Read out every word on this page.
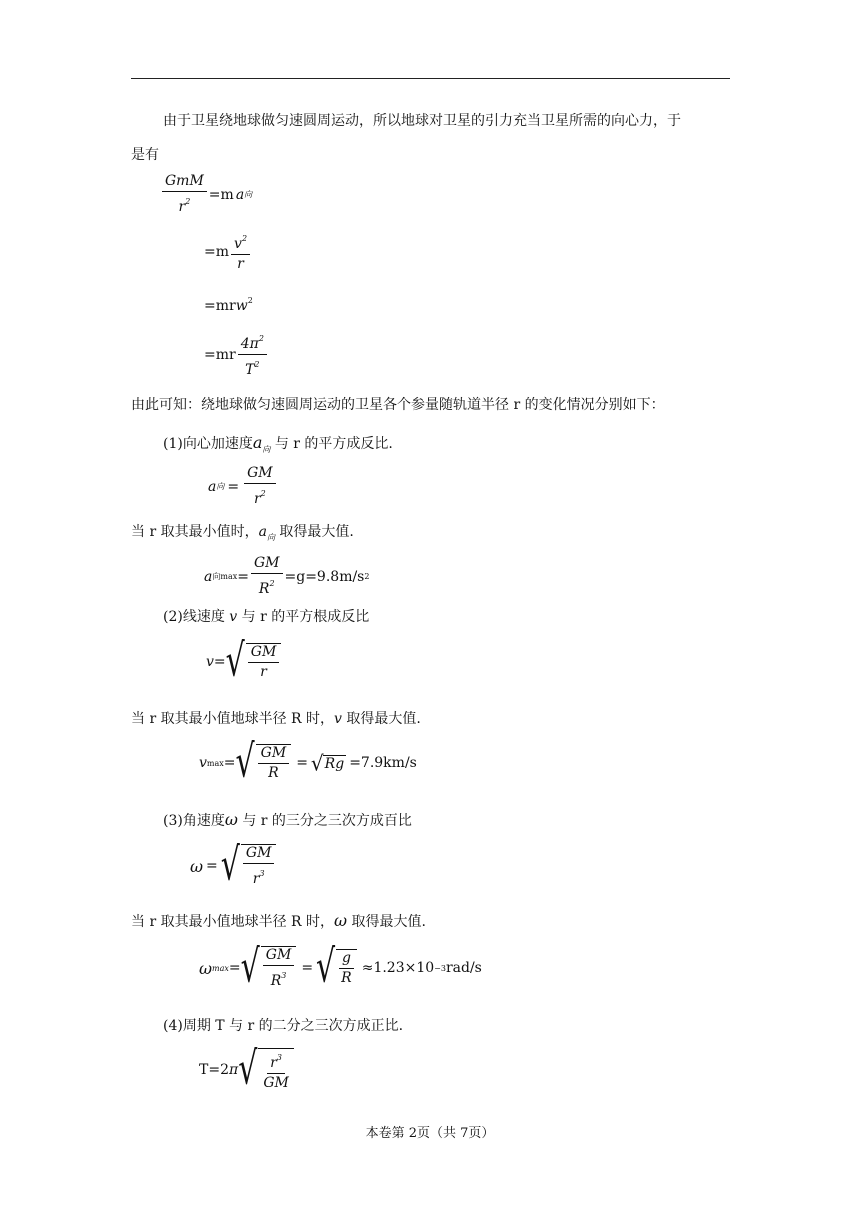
由于卫星绕地球做匀速圆周运动，所以地球对卫星的引力充当卫星所需的向心力，于
是有
$\frac{\text{GmM}}{r^2} =m$ a 向
$=m \frac{v^2}{r}$
=mrw$^2$
$=mr \frac{4\pi^2}{T^2}$
由此可知：绕地球做匀速圆周运动的卫星各个参量随轨道半径 r 的变化情况分别如下：
(1)向心加速度$a_向$ 与 r 的平方成反比.
a 向 = $\frac{GM}{r^2}$
当 r 取其最小值时，$a_向$ 取得最大值.
a 向$\max = \frac{GM}{R^2} =g=9.8m/s$ 2
(2)线速度 v 与 r 的平方根成反比
v= √ $\frac{GM}{r}$
当 r 取其最小值地球半径 R 时，v 取得最大值.
v max = √ $\frac{GM}{R}$ = √ Rg =7.9km/s
(3)角速度ω 与 r 的三分之三次方成百比
ω = √ $\frac{GM}{r^3}$
当 r 取其最小值地球半径 R 时，ω 取得最大值.
ω max = √ $\frac{GM}{R^3}$ = √ $\frac{g}{R} \approx 1.23\times 10 -3$ rad/s
(4)周期 T 与 r 的二分之三次方成正比.
T=2 π √ $\frac{r^3}{GM}$
本卷第 2页（共 7页）
